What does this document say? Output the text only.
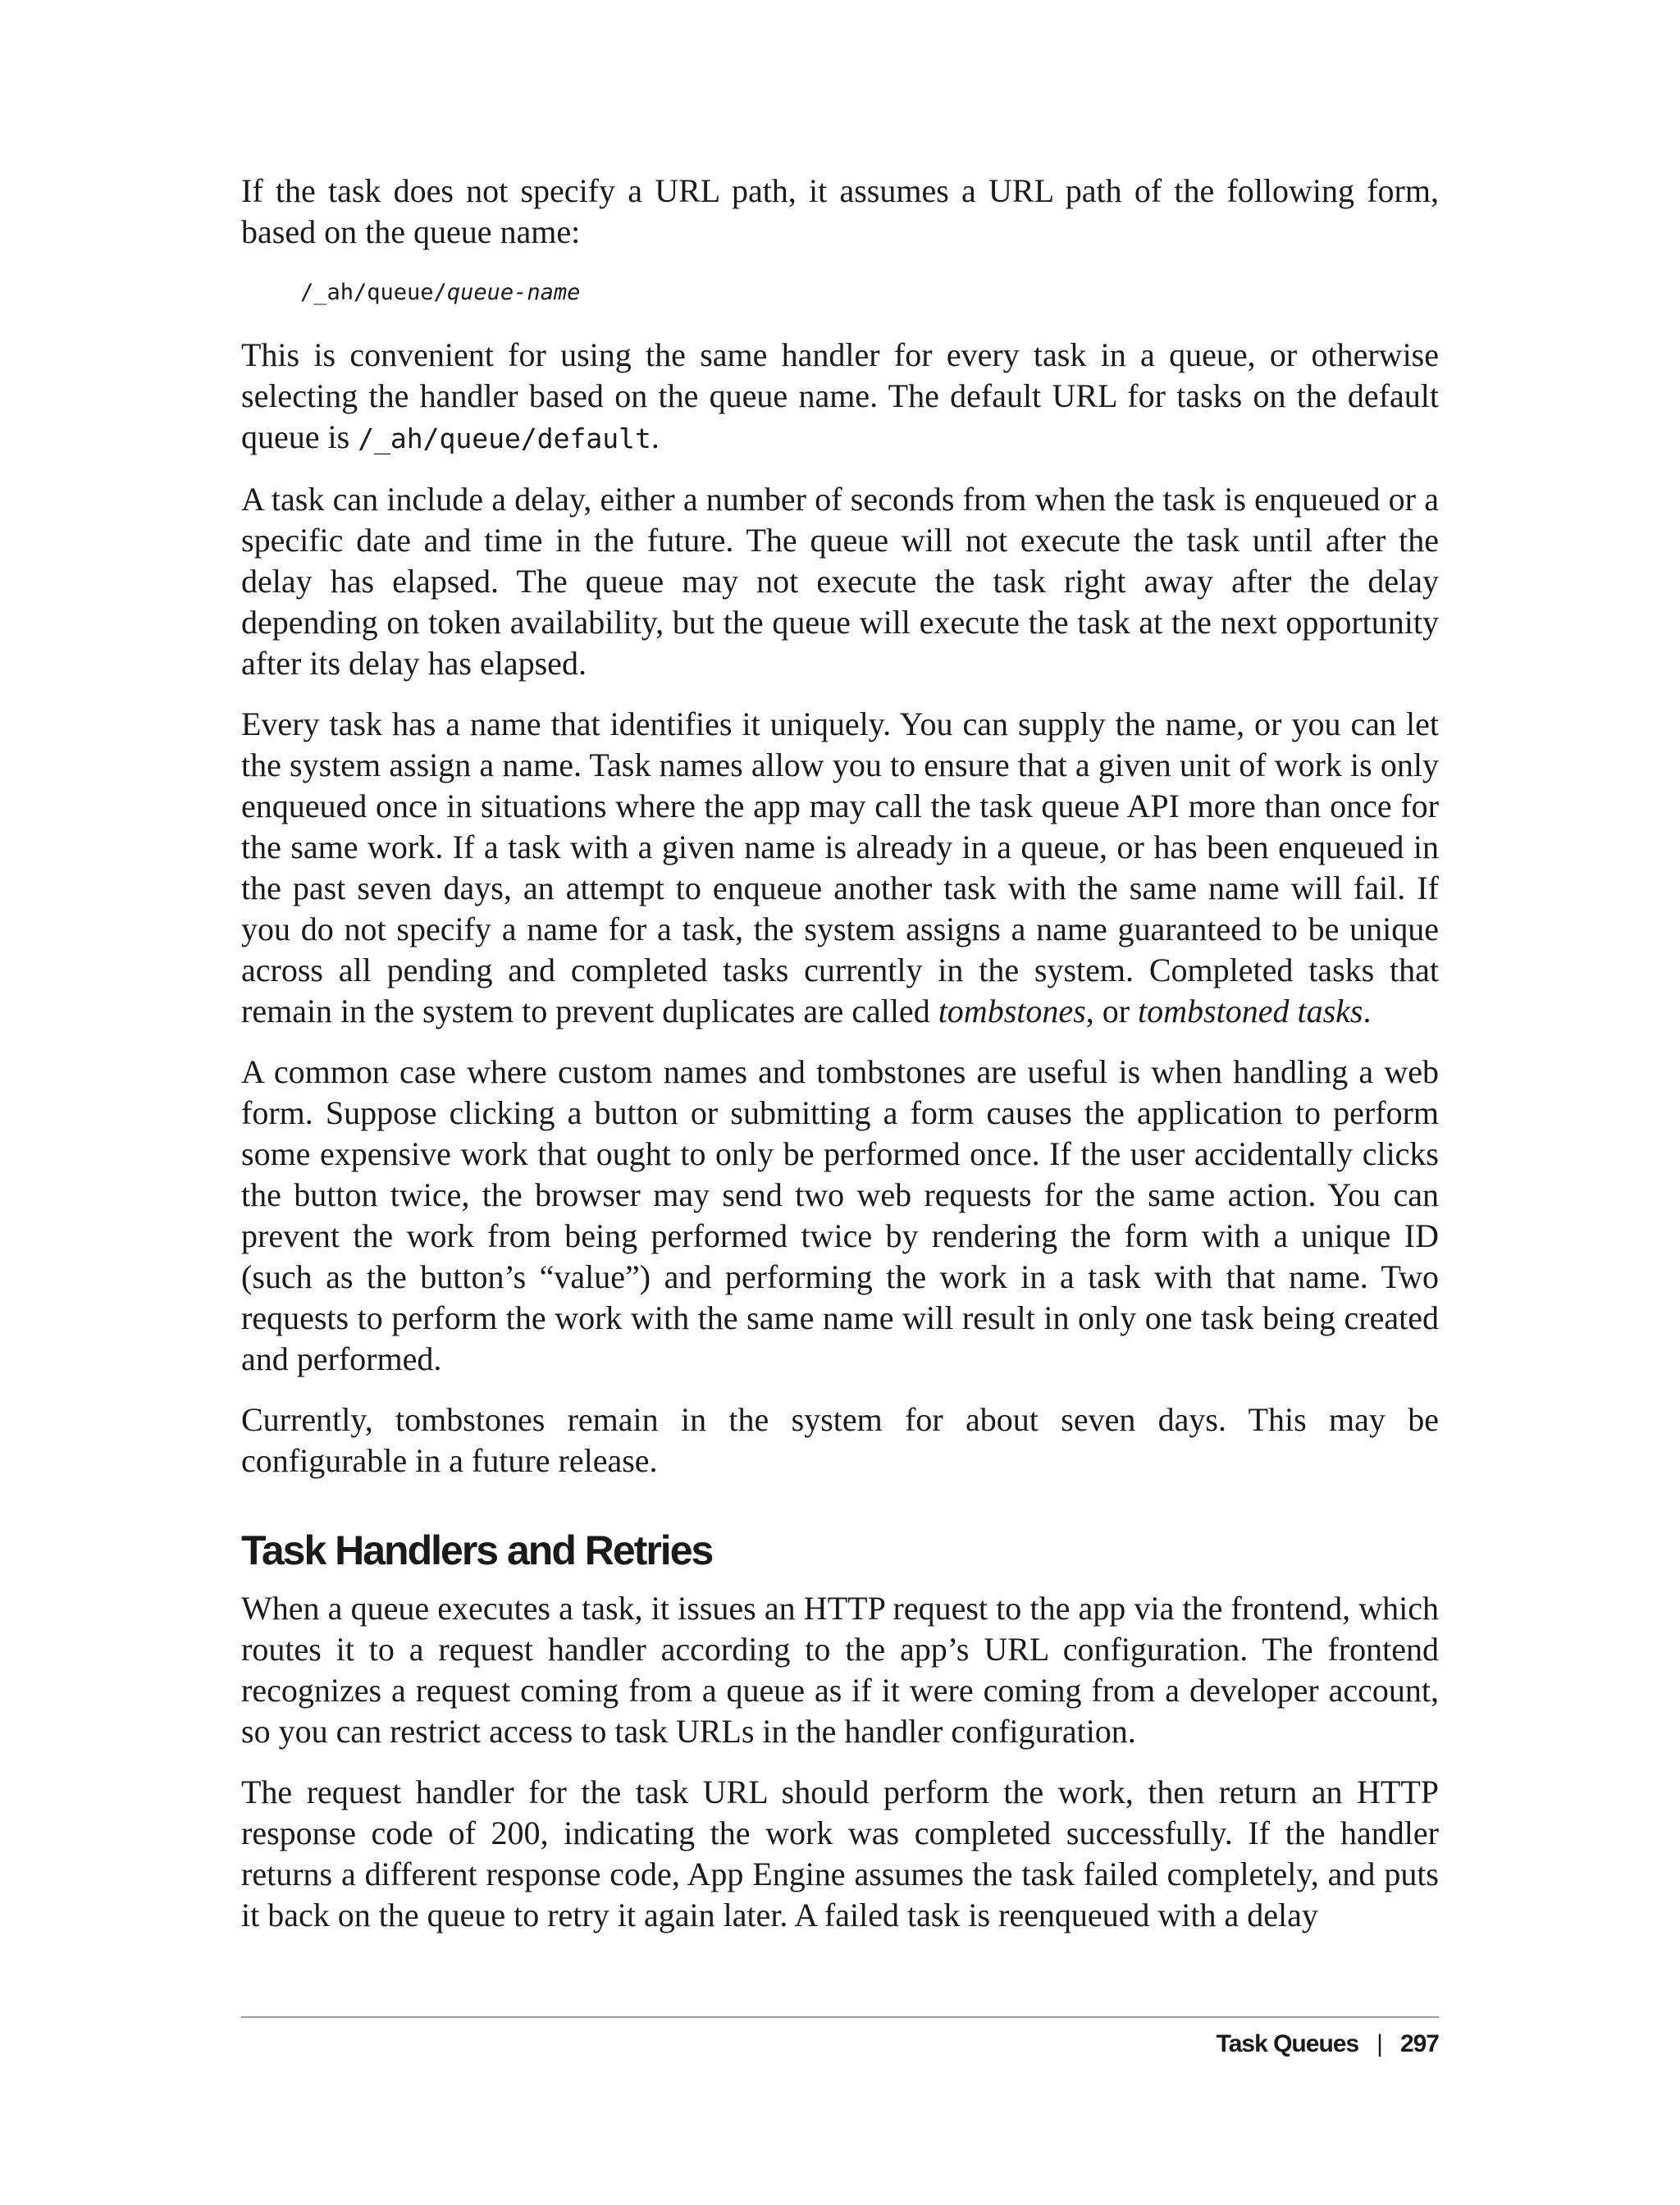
If the task does not specify a URL path, it assumes a URL path of the following form, based on the queue name:

/_ah/queue/queue-name

This is convenient for using the same handler for every task in a queue, or otherwise selecting the handler based on the queue name. The default URL for tasks on the default queue is /_ah/queue/default.

A task can include a delay, either a number of seconds from when the task is enqueued or a specific date and time in the future. The queue will not execute the task until after the delay has elapsed. The queue may not execute the task right away after the delay depending on token availability, but the queue will execute the task at the next opportunity after its delay has elapsed.

Every task has a name that identifies it uniquely. You can supply the name, or you can let the system assign a name. Task names allow you to ensure that a given unit of work is only enqueued once in situations where the app may call the task queue API more than once for the same work. If a task with a given name is already in a queue, or has been enqueued in the past seven days, an attempt to enqueue another task with the same name will fail. If you do not specify a name for a task, the system assigns a name guaranteed to be unique across all pending and completed tasks currently in the system. Completed tasks that remain in the system to prevent duplicates are called tombstones, or tombstoned tasks.

A common case where custom names and tombstones are useful is when handling a web form. Suppose clicking a button or submitting a form causes the application to perform some expensive work that ought to only be performed once. If the user accidentally clicks the button twice, the browser may send two web requests for the same action. You can prevent the work from being performed twice by rendering the form with a unique ID (such as the button’s “value”) and performing the work in a task with that name. Two requests to perform the work with the same name will result in only one task being created and performed.

Currently, tombstones remain in the system for about seven days. This may be configurable in a future release.

Task Handlers and Retries

When a queue executes a task, it issues an HTTP request to the app via the frontend, which routes it to a request handler according to the app’s URL configuration. The frontend recognizes a request coming from a queue as if it were coming from a developer account, so you can restrict access to task URLs in the handler configuration.

The request handler for the task URL should perform the work, then return an HTTP response code of 200, indicating the work was completed successfully. If the handler returns a different response code, App Engine assumes the task failed completely, and puts it back on the queue to retry it again later. A failed task is reenqueued with a delay

Task Queues | 297
